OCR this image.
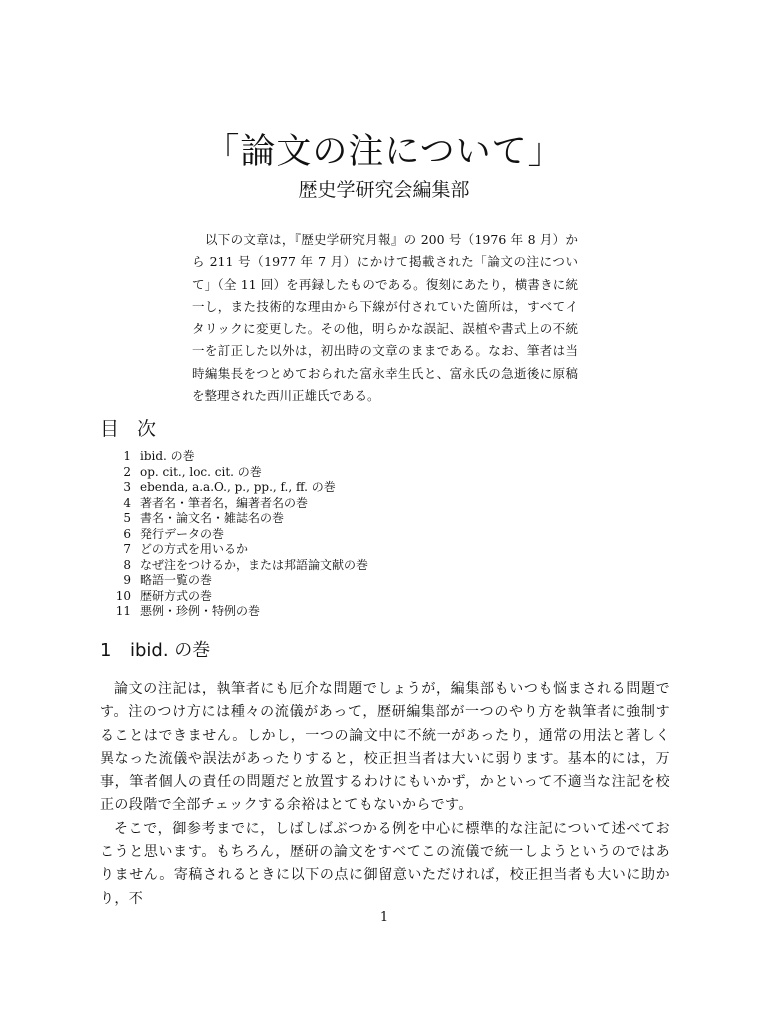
「論文の注について」
歴史学研究会編集部

以下の文章は，『歴史学研究月報』の 200 号（1976 年 8 月）から 211 号（1977 年 7 月）にかけて掲載された「論文の注について」（全 11 回）を再録したものである。復刻にあたり，横書きに統一し，また技術的な理由から下線が付されていた箇所は，すべてイタリックに変更した。その他，明らかな誤記、誤植や書式上の不統一を訂正した以外は，初出時の文章のままである。なお、筆者は当時編集長をつとめておられた富永幸生氏と、富永氏の急逝後に原稿を整理された西川正雄氏である。

目 次
1 ibid. の巻
2 op. cit., loc. cit. の巻
3 ebenda, a.a.O., p., pp., f., ff. の巻
4 著者名・筆者名，編著者名の巻
5 書名・論文名・雑誌名の巻
6 発行データの巻
7 どの方式を用いるか
8 なぜ注をつけるか，または邦語論文献の巻
9 略語一覧の巻
10 歴研方式の巻
11 悪例・珍例・特例の巻
1 ibid. の巻

論文の注記は，執筆者にも厄介な問題でしょうが，編集部もいつも悩まされる問題です。注のつけ方には種々の流儀があって，歴研編集部が一つのやり方を執筆者に強制することはできません。しかし，一つの論文中に不統一があったり，通常の用法と著しく異なった流儀や誤法があったりすると，校正担当者は大いに弱ります。基本的には，万事，筆者個人の責任の問題だと放置するわけにもいかず，かといって不適当な注記を校正の段階で全部チェックする余裕はとてもないからです。

そこで，御参考までに，しばしばぶつかる例を中心に標準的な注記について述べておこうと思います。もちろん，歴研の論文をすべてこの流儀で統一しようというのではありません。寄稿されるときに以下の点に御留意いただければ，校正担当者も大いに助かり，不

1
